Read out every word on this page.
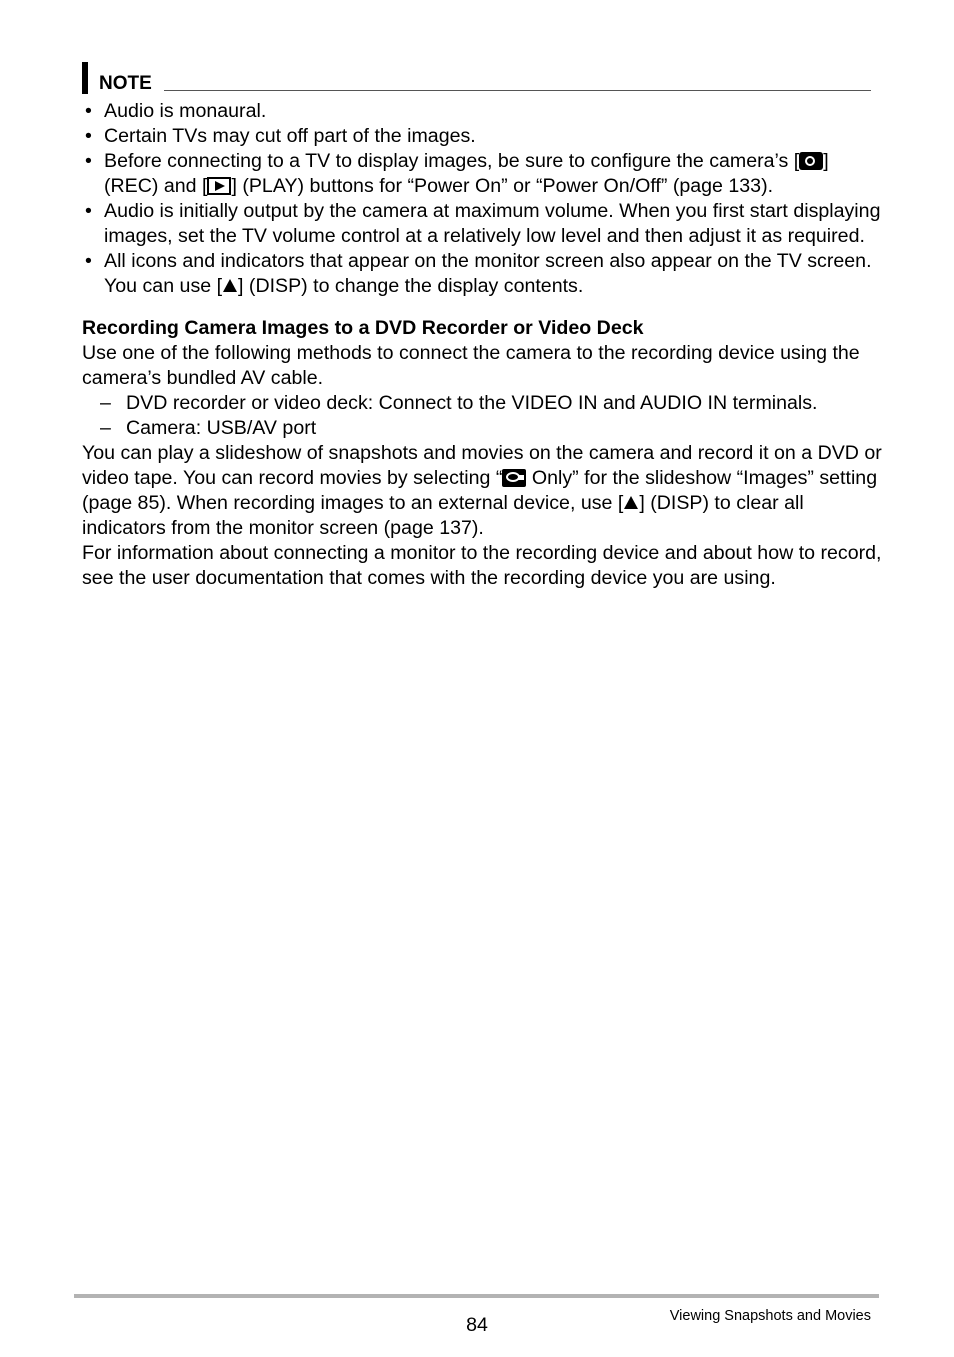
NOTE
• Audio is monaural.
• Certain TVs may cut off part of the images.
• Before connecting to a TV to display images, be sure to configure the camera’s [ ] (REC) and [ ] (PLAY) buttons for “Power On” or “Power On/Off” (page 133).
• Audio is initially output by the camera at maximum volume. When you first start displaying images, set the TV volume control at a relatively low level and then adjust it as required.
• All icons and indicators that appear on the monitor screen also appear on the TV screen. You can use [ ] (DISP) to change the display contents.
Recording Camera Images to a DVD Recorder or Video Deck

Use one of the following methods to connect the camera to the recording device using the camera’s bundled AV cable.

– DVD recorder or video deck: Connect to the VIDEO IN and AUDIO IN terminals.
– Camera: USB/AV port

You can play a slideshow of snapshots and movies on the camera and record it on a DVD or video tape. You can record movies by selecting “ Only” for the slideshow “Images” setting (page 85). When recording images to an external device, use [ ] (DISP) to clear all indicators from the monitor screen (page 137).

For information about connecting a monitor to the recording device and about how to record, see the user documentation that comes with the recording device you are using.

84	Viewing Snapshots and Movies
